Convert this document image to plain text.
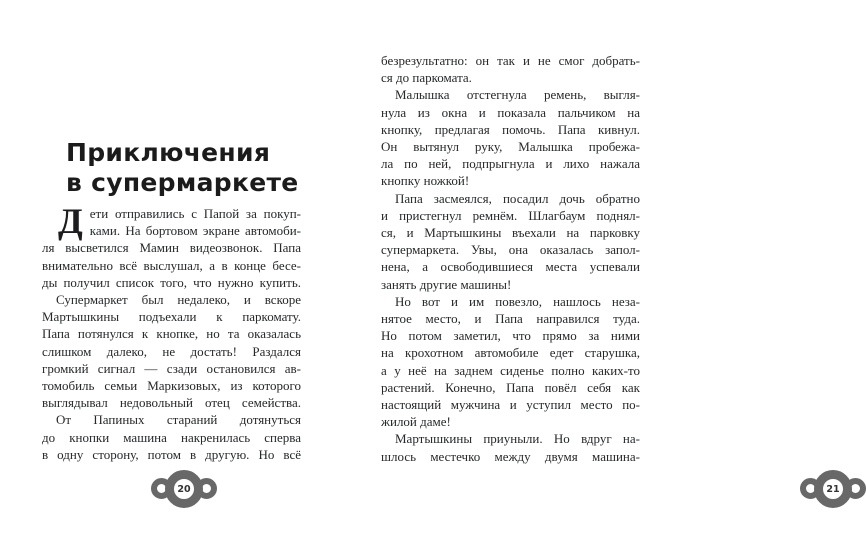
Приключения
в супермаркете
Д ети отправились с Папой за покуп-
ками. На бортовом экране автомоби-
ля высветился Мамин видеозвонок. Папа
внимательно всё выслушал, а в конце бесе-
ды получил список того, что нужно купить.
Супермаркет был недалеко, и вскоре
Мартышкины подъехали к паркомату.
Папа потянулся к кнопке, но та оказалась
слишком далеко, не достать! Раздался
громкий сигнал — сзади остановился ав-
томобиль семьи Маркизовых, из которого
выглядывал недовольный отец семейства.
От Папиных стараний дотянуться
до кнопки машина накренилась сперва
в одну сторону, потом в другую. Но всё
20
безрезультатно: он так и не смог добрать-
ся до паркомата.
Малышка отстегнула ремень, выгля-
нула из окна и показала пальчиком на
кнопку, предлагая помочь. Папа кивнул.
Он вытянул руку, Малышка пробежа-
ла по ней, подпрыгнула и лихо нажала
кнопку ножкой!
Папа засмеялся, посадил дочь обратно
и пристегнул ремнём. Шлагбаум поднял-
ся, и Мартышкины въехали на парковку
супермаркета. Увы, она оказалась запол-
нена, а освободившиеся места успевали
занять другие машины!
Но вот и им повезло, нашлось неза-
нятое место, и Папа направился туда.
Но потом заметил, что прямо за ними
на крохотном автомобиле едет старушка,
а у неё на заднем сиденье полно каких-то
растений. Конечно, Папа повёл себя как
настоящий мужчина и уступил место по-
жилой даме!
Мартышкины приуныли. Но вдруг на-
шлось местечко между двумя машина-
21
